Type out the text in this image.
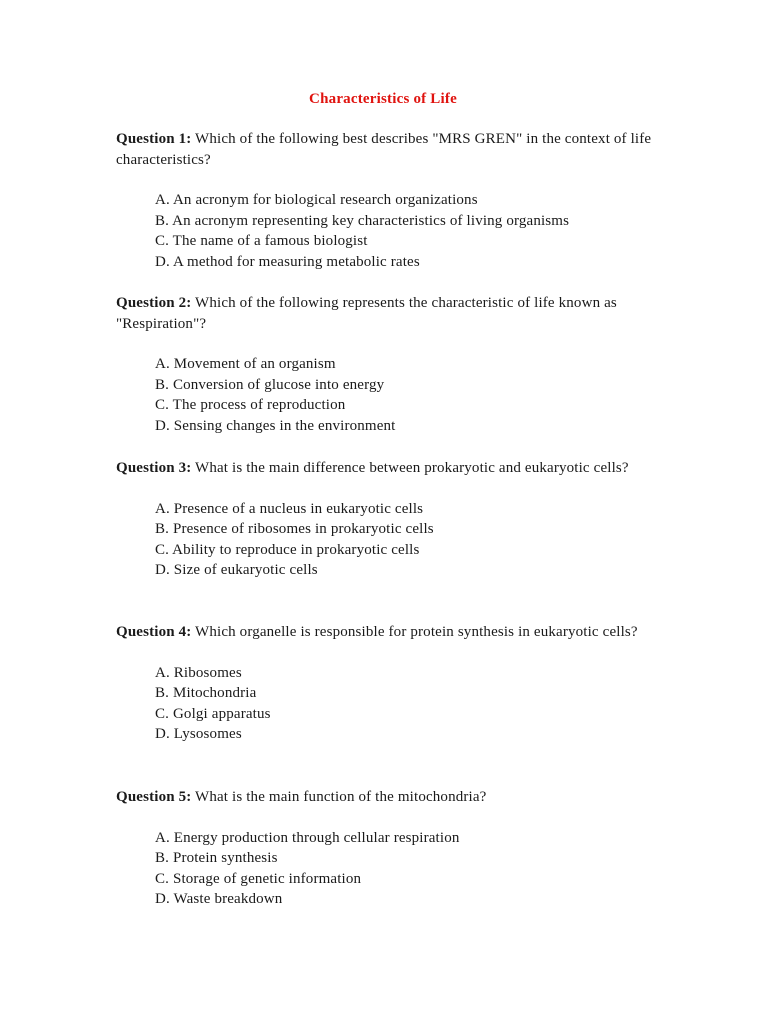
Characteristics of Life

Question 1: Which of the following best describes "MRS GREN" in the context of life characteristics?

A. An acronym for biological research organizations
B. An acronym representing key characteristics of living organisms
C. The name of a famous biologist
D. A method for measuring metabolic rates

Question 2: Which of the following represents the characteristic of life known as "Respiration"?

A. Movement of an organism
B. Conversion of glucose into energy
C. The process of reproduction
D. Sensing changes in the environment

Question 3: What is the main difference between prokaryotic and eukaryotic cells?

A. Presence of a nucleus in eukaryotic cells
B. Presence of ribosomes in prokaryotic cells
C. Ability to reproduce in prokaryotic cells
D. Size of eukaryotic cells

Question 4: Which organelle is responsible for protein synthesis in eukaryotic cells?

A. Ribosomes
B. Mitochondria
C. Golgi apparatus
D. Lysosomes

Question 5: What is the main function of the mitochondria?

A. Energy production through cellular respiration
B. Protein synthesis
C. Storage of genetic information
D. Waste breakdown
